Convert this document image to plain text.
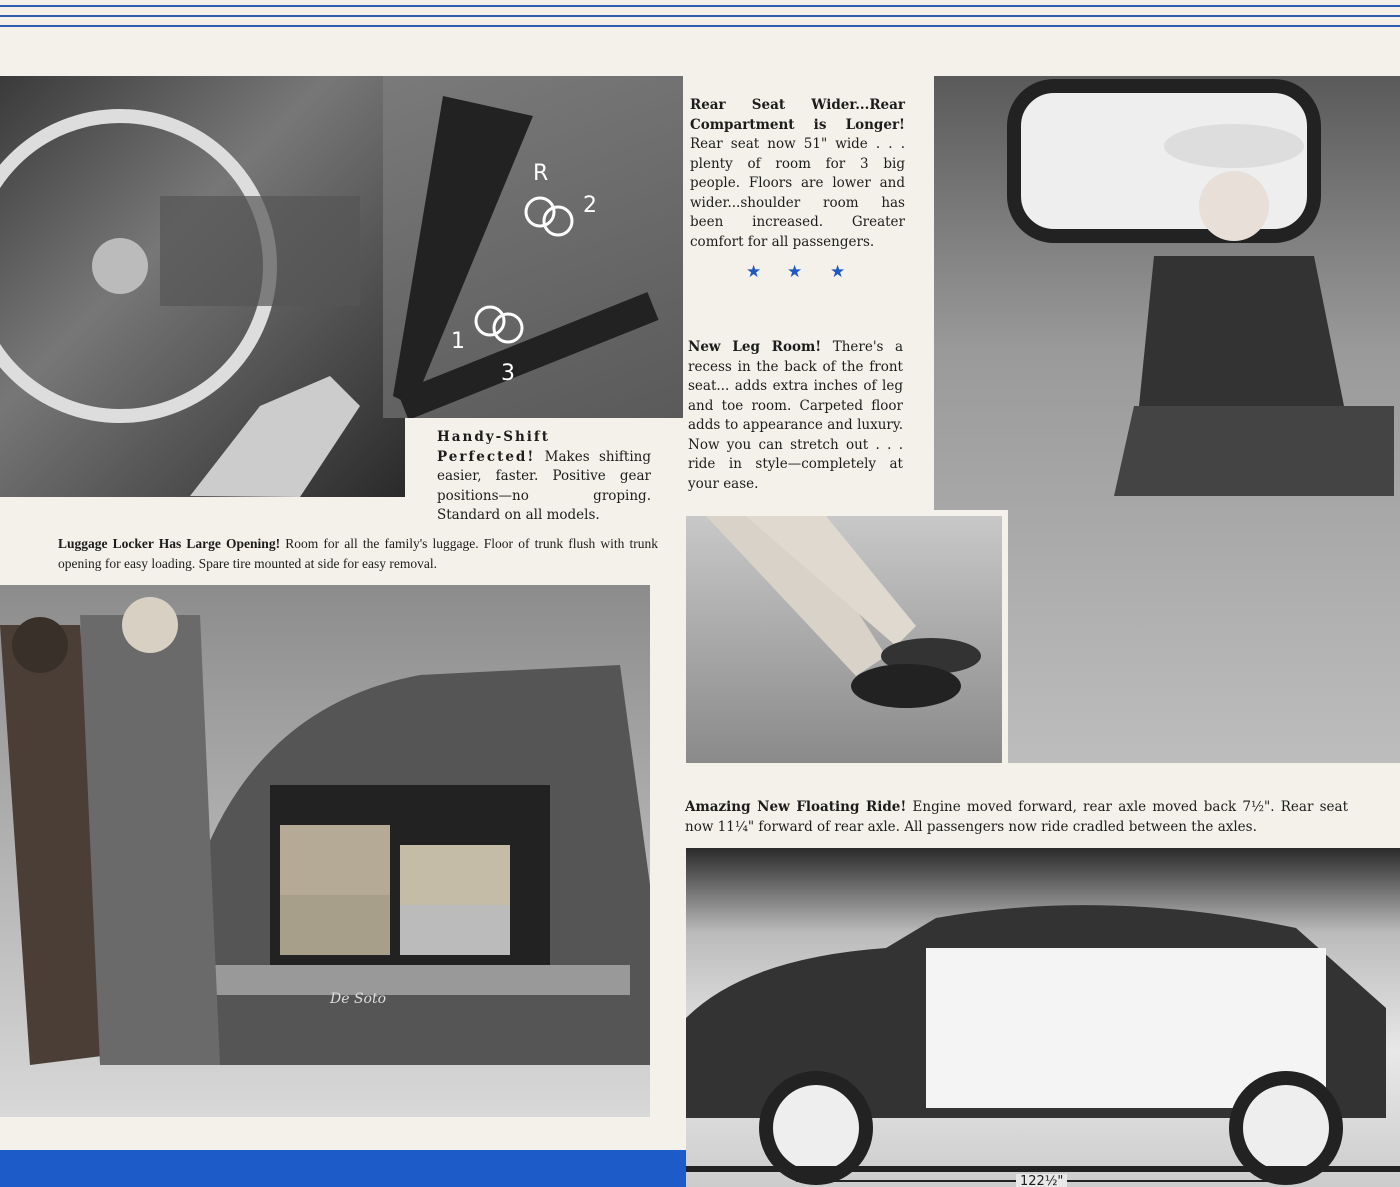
R
2
1
3
Handy-Shift Perfected! Makes shifting easier, faster. Positive gear positions—no groping. Standard on all models.
Rear Seat Wider...Rear Compartment is Longer! Rear seat now 51" wide . . . plenty of room for 3 big people. Floors are lower and wider...shoulder room has been increased. Greater comfort for all passengers.
★ ★ ★
New Leg Room! There's a recess in the back of the front seat... adds extra inches of leg and toe room. Carpeted floor adds to appearance and luxury. Now you can stretch out . . . ride in style—completely at your ease.
Luggage Locker Has Large Opening! Room for all the family's luggage. Floor of trunk flush with trunk opening for easy loading. Spare tire mounted at side for easy removal.
De Soto
Amazing New Floating Ride! Engine moved forward, rear axle moved back 7½". Rear seat now 11¼" forward of rear axle. All passengers now ride cradled between the axles.
122½"
